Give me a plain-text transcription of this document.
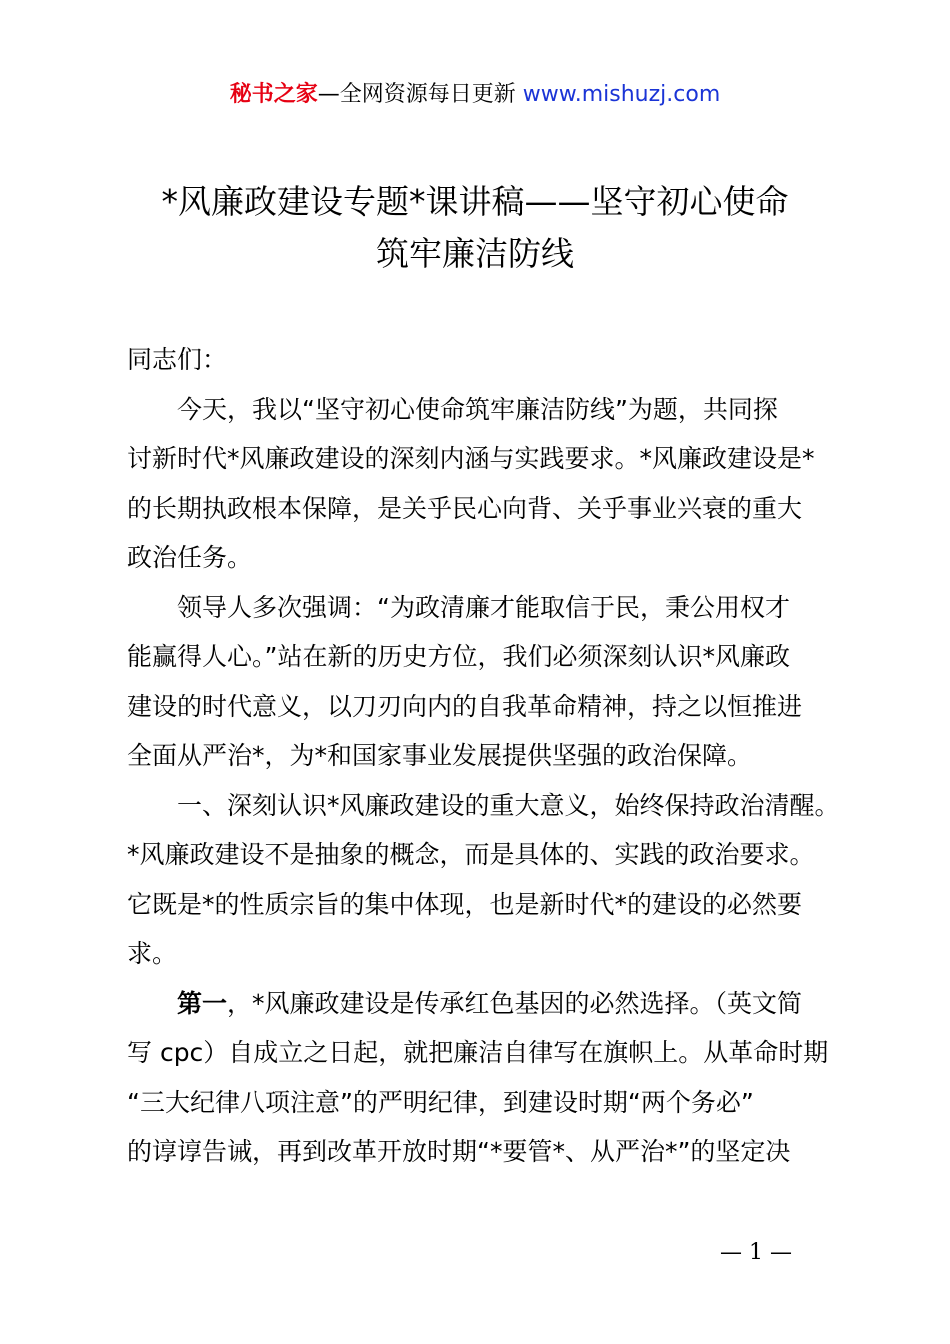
秘书之家—全网资源每日更新 www.mishuzj.com
*风廉政建设专题*课讲稿——坚守初心使命
筑牢廉洁防线
同志们：
今天，我以“坚守初心使命筑牢廉洁防线”为题，共同探
讨新时代*风廉政建设的深刻内涵与实践要求。*风廉政建设是*
的长期执政根本保障，是关乎民心向背、关乎事业兴衰的重大
政治任务。
领导人多次强调：“为政清廉才能取信于民，秉公用权才
能赢得人心。”站在新的历史方位，我们必须深刻认识*风廉政
建设的时代意义，以刀刃向内的自我革命精神，持之以恒推进
全面从严治*，为*和国家事业发展提供坚强的政治保障。
一、深刻认识*风廉政建设的重大意义，始终保持政治清醒。
*风廉政建设不是抽象的概念，而是具体的、实践的政治要求。
它既是*的性质宗旨的集中体现，也是新时代*的建设的必然要
求。
第一，*风廉政建设是传承红色基因的必然选择。（英文简
写 cpc）自成立之日起，就把廉洁自律写在旗帜上。从革命时期
“三大纪律八项注意”的严明纪律，到建设时期“两个务必”
的谆谆告诫，再到改革开放时期“*要管*、从严治*”的坚定决
— 1 —
